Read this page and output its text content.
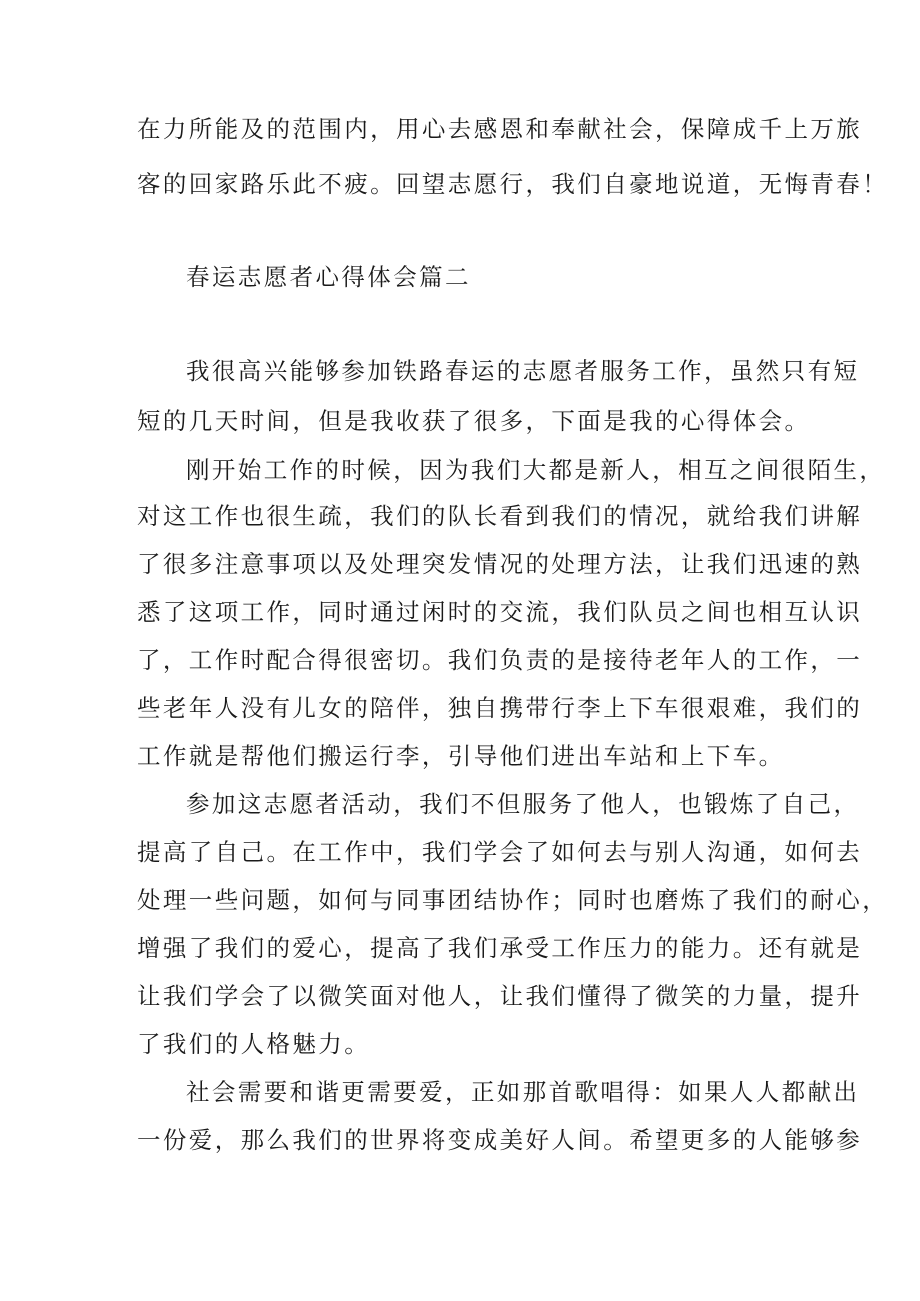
在力所能及的范围内，用心去感恩和奉献社会，保障成千上万旅
客的回家路乐此不疲。回望志愿行，我们自豪地说道，无悔青春！
春运志愿者心得体会篇二
我很高兴能够参加铁路春运的志愿者服务工作，虽然只有短
短的几天时间，但是我收获了很多，下面是我的心得体会。
刚开始工作的时候，因为我们大都是新人，相互之间很陌生，
对这工作也很生疏，我们的队长看到我们的情况，就给我们讲解
了很多注意事项以及处理突发情况的处理方法，让我们迅速的熟
悉了这项工作，同时通过闲时的交流，我们队员之间也相互认识
了，工作时配合得很密切。我们负责的是接待老年人的工作，一
些老年人没有儿女的陪伴，独自携带行李上下车很艰难，我们的
工作就是帮他们搬运行李，引导他们进出车站和上下车。
参加这志愿者活动，我们不但服务了他人，也锻炼了自己，
提高了自己。在工作中，我们学会了如何去与别人沟通，如何去
处理一些问题，如何与同事团结协作；同时也磨炼了我们的耐心，
增强了我们的爱心，提高了我们承受工作压力的能力。还有就是
让我们学会了以微笑面对他人，让我们懂得了微笑的力量，提升
了我们的人格魅力。
社会需要和谐更需要爱，正如那首歌唱得：如果人人都献出
一份爱，那么我们的世界将变成美好人间。希望更多的人能够参
